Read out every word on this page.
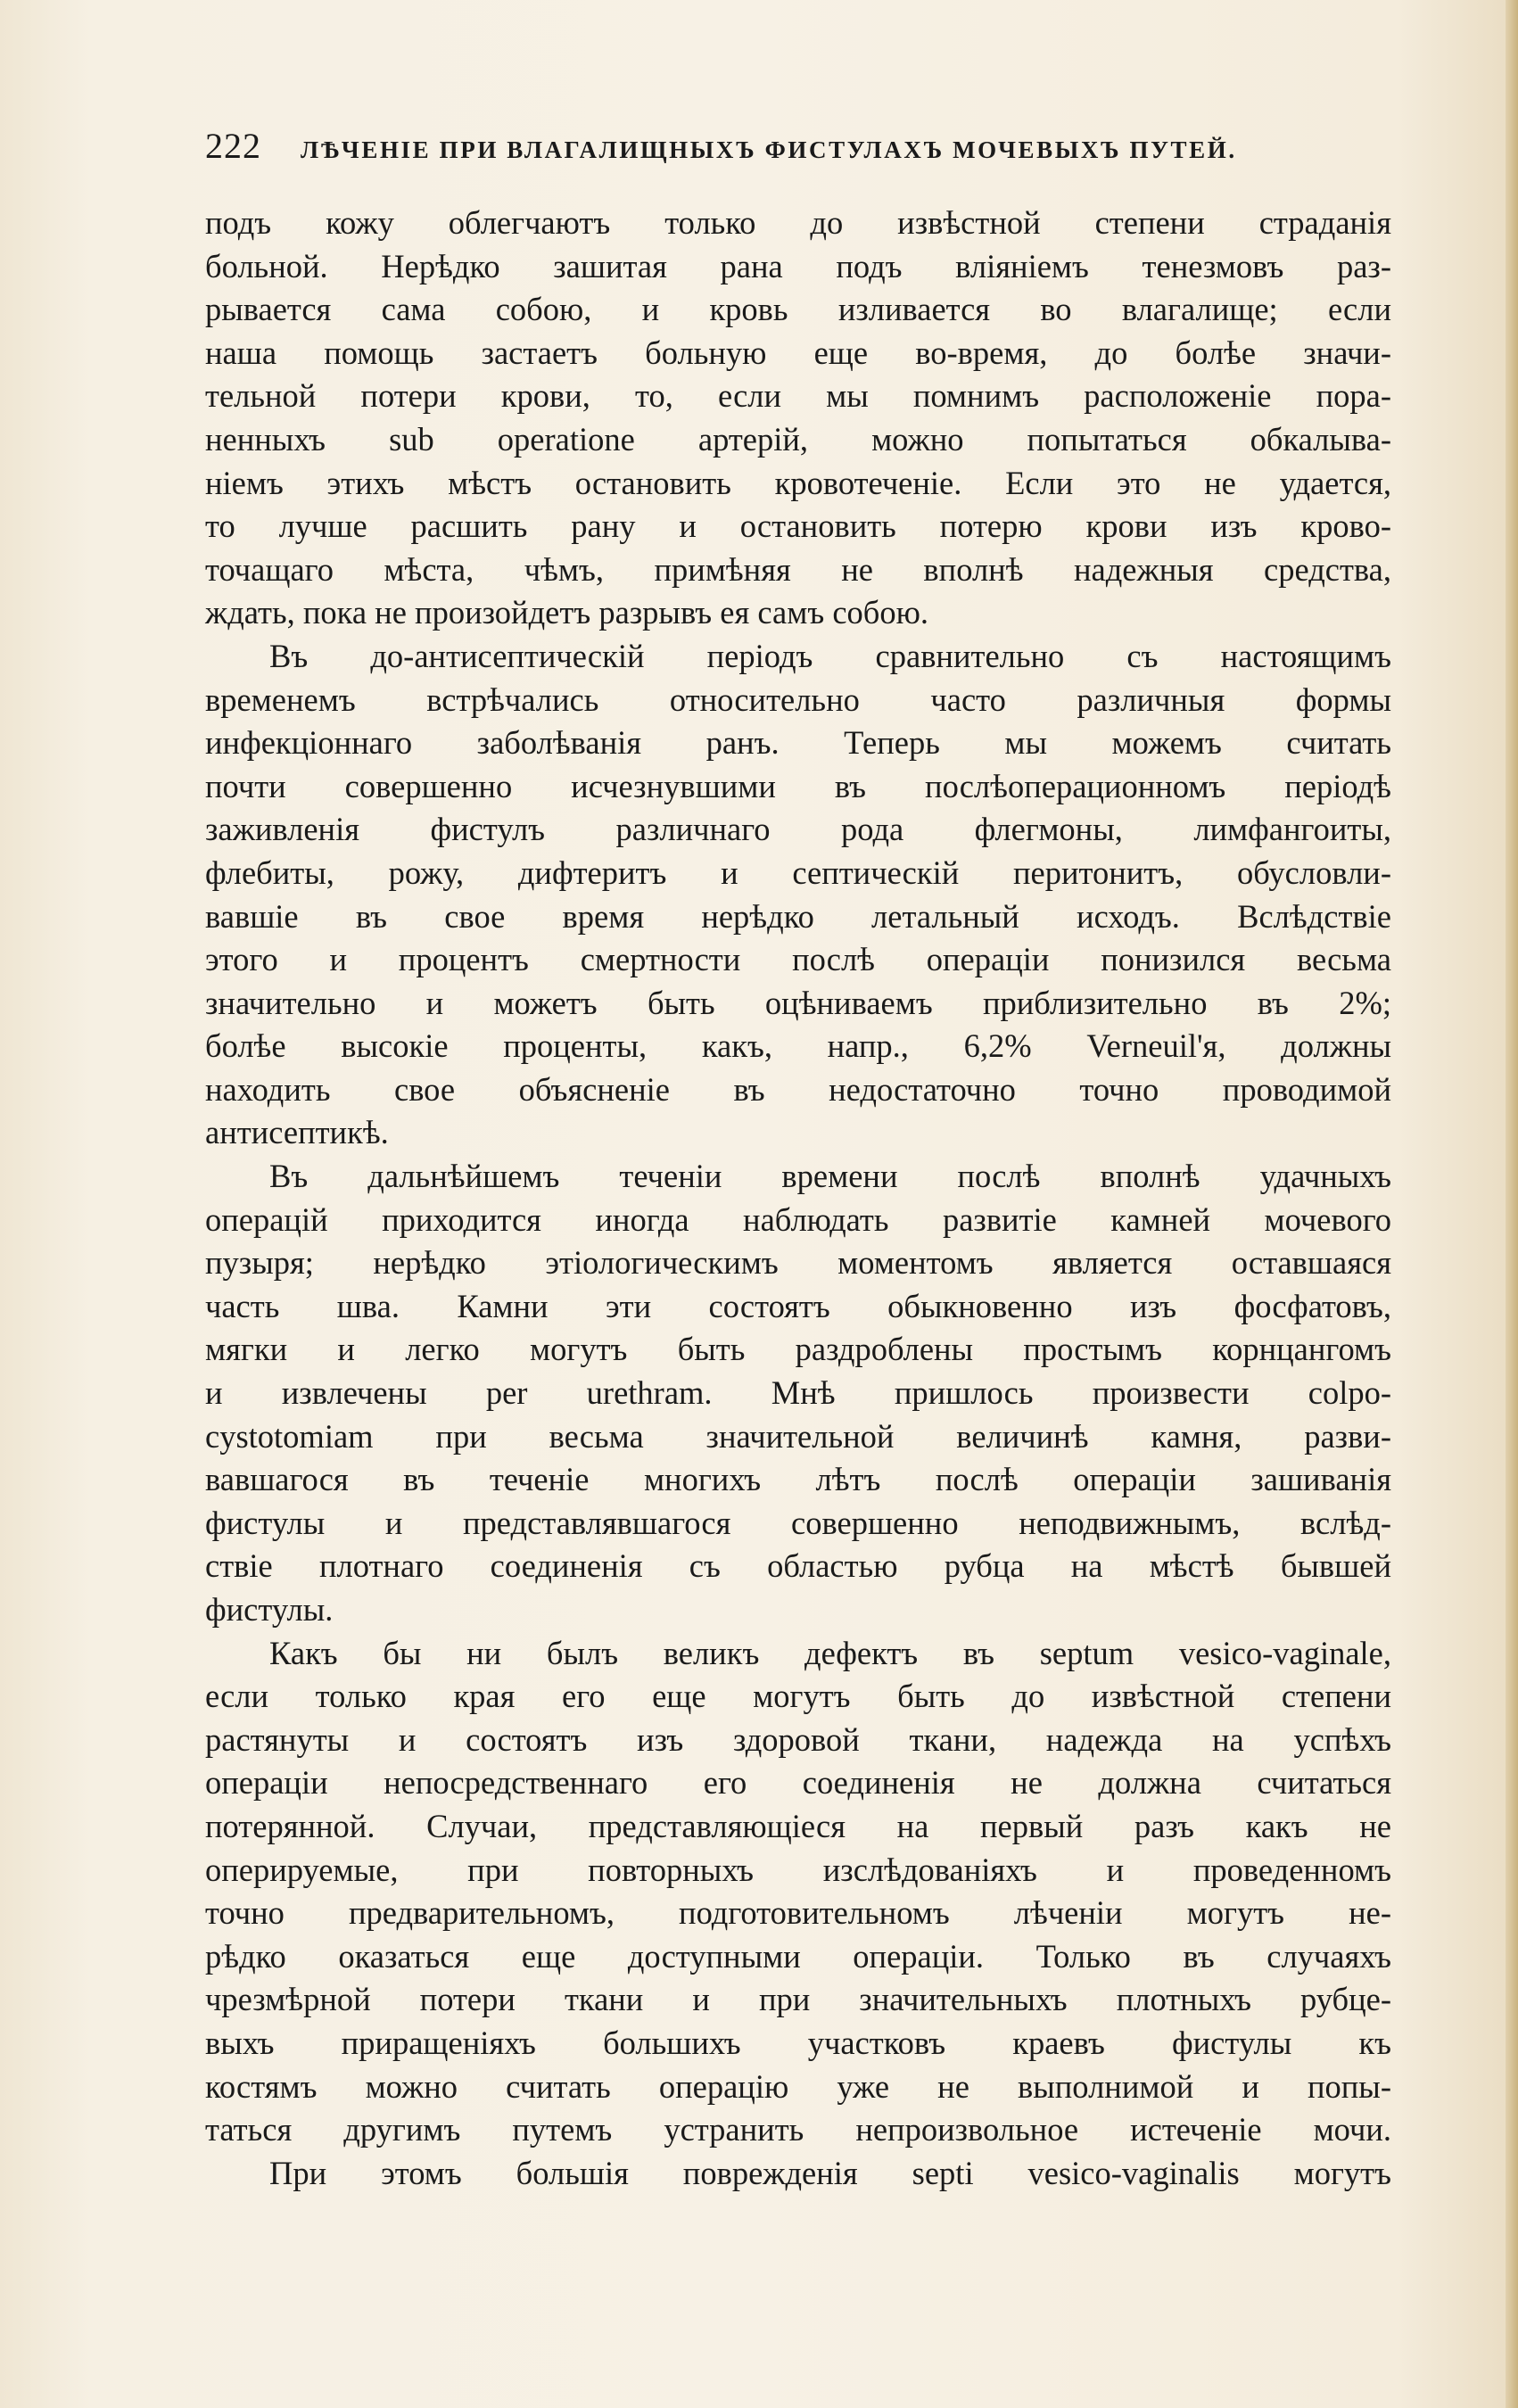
222 ЛѢЧЕНІЕ ПРИ ВЛАГАЛИЩНЫХЪ ФИСТУЛАХЪ МОЧЕВЫХЪ ПУТЕЙ.
подъ кожу облегчаютъ только до извѣстной степени страданія
больной. Нерѣдко зашитая рана подъ вліяніемъ тенезмовъ раз-
рывается сама собою, и кровь изливается во влагалище; если
наша помощь застаетъ больную еще во-время, до болѣе значи-
тельной потери крови, то, если мы помнимъ расположеніе пора-
ненныхъ sub operatione артерій, можно попытаться обкалыва-
ніемъ этихъ мѣстъ остановить кровотеченіе. Если это не удается,
то лучше расшить рану и остановить потерю крови изъ крово-
точащаго мѣста, чѣмъ, примѣняя не вполнѣ надежныя средства,
ждать, пока не произойдетъ разрывъ ея самъ собою.
Въ до-антисептическій періодъ сравнительно съ настоящимъ
временемъ встрѣчались относительно часто различныя формы
инфекціоннаго заболѣванія ранъ. Теперь мы можемъ считать
почти совершенно исчезнувшими въ послѣоперационномъ періодѣ
заживленія фистулъ различнаго рода флегмоны, лимфангоиты,
флебиты, рожу, дифтеритъ и септическій перитонитъ, обусловли-
вавшіе въ свое время нерѣдко летальный исходъ. Вслѣдствіе
этого и процентъ смертности послѣ операціи понизился весьма
значительно и можетъ быть оцѣниваемъ приблизительно въ 2%;
болѣе высокіе проценты, какъ, напр., 6,2% Verneuil'я, должны
находить свое объясненіе въ недостаточно точно проводимой
антисептикѣ.
Въ дальнѣйшемъ теченіи времени послѣ вполнѣ удачныхъ
операцій приходится иногда наблюдать развитіе камней мочевого
пузыря; нерѣдко этіологическимъ моментомъ является оставшаяся
часть шва. Камни эти состоятъ обыкновенно изъ фосфатовъ,
мягки и легко могутъ быть раздроблены простымъ корнцангомъ
и извлечены per urethram. Мнѣ пришлось произвести colpo-
cystotomiam при весьма значительной величинѣ камня, разви-
вавшагося въ теченіе многихъ лѣтъ послѣ операціи зашиванія
фистулы и представлявшагося совершенно неподвижнымъ, вслѣд-
ствіе плотнаго соединенія съ областью рубца на мѣстѣ бывшей
фистулы.
Какъ бы ни былъ великъ дефектъ въ septum vesico-vaginale,
если только края его еще могутъ быть до извѣстной степени
растянуты и состоятъ изъ здоровой ткани, надежда на успѣхъ
операціи непосредственнаго его соединенія не должна считаться
потерянной. Случаи, представляющіеся на первый разъ какъ не
оперируемые, при повторныхъ изслѣдованіяхъ и проведенномъ
точно предварительномъ, подготовительномъ лѣченіи могутъ не-
рѣдко оказаться еще доступными операціи. Только въ случаяхъ
чрезмѣрной потери ткани и при значительныхъ плотныхъ рубце-
выхъ приращеніяхъ большихъ участковъ краевъ фистулы къ
костямъ можно считать операцію уже не выполнимой и попы-
таться другимъ путемъ устранить непроизвольное истеченіе мочи.
При этомъ большія поврежденія septi vesico-vaginalis могутъ
